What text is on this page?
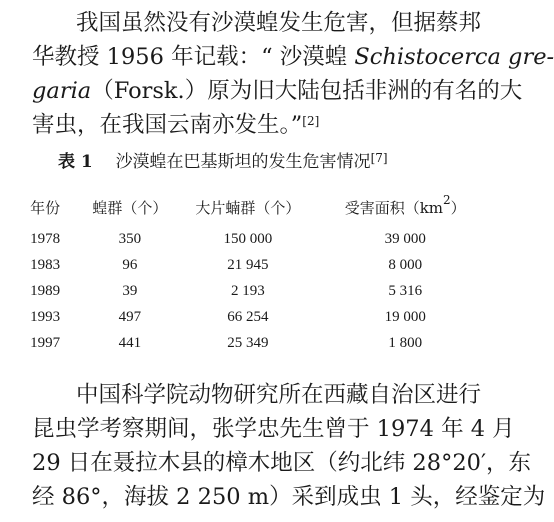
我国虽然没有沙漠蝗发生危害，但据蔡邦
华教授 1956 年记载：“ 沙漠蝗 Schistocerca gre-
garia（Forsk.）原为旧大陆包括非洲的有名的大
害虫，在我国云南亦发生。”[2]
表 1 沙漠蝗在巴基斯坦的发生危害情况[7]
年份	蝗群（个）	大片蝻群（个）	受害面积$(km^2)$
1978	350	150 000	39 000
1983	96	21 945	8 000
1989	39	2 193	5 316
1993	497	66 254	19 000
1997	441	25 349	1 800
中国科学院动物研究所在西藏自治区进行
昆虫学考察期间，张学忠先生曾于 1974 年 4 月
29 日在聂拉木县的樟木地区（约北纬 28°20′，东
经 86°，海拔 2 250 m）采到成虫 1 头，经鉴定为
